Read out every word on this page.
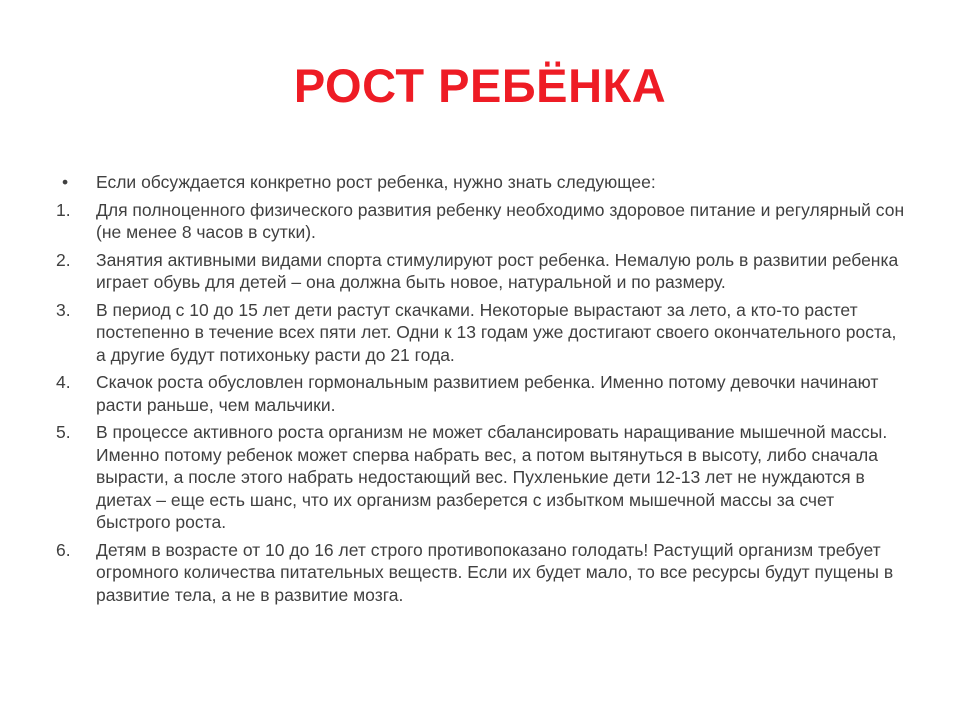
РОСТ РЕБЁНКА
•	Если обсуждается конкретно рост ребенка, нужно знать следующее:
1.	Для полноценного физического развития ребенку необходимо здоровое питание и регулярный сон (не менее 8 часов в сутки).
2.	Занятия активными видами спорта стимулируют рост ребенка. Немалую роль в развитии ребенка играет обувь для детей – она должна быть новое, натуральной и по размеру.
3.	В период с 10 до 15 лет дети растут скачками. Некоторые вырастают за лето, а кто-то растет постепенно в течение всех пяти лет. Одни к 13 годам уже достигают своего окончательного роста, а другие будут потихоньку расти до 21 года.
4.	Скачок роста обусловлен гормональным развитием ребенка. Именно потому девочки начинают расти раньше, чем мальчики.
5.	В процессе активного роста организм не может сбалансировать наращивание мышечной массы. Именно потому ребенок может сперва набрать вес, а потом вытянуться в высоту, либо сначала вырасти, а после этого набрать недостающий вес. Пухленькие дети 12-13 лет не нуждаются в диетах – еще есть шанс, что их организм разберется с избытком мышечной массы за счет быстрого роста.
6.	Детям в возрасте от 10 до 16 лет строго противопоказано голодать! Растущий организм требует огромного количества питательных веществ. Если их будет мало, то все ресурсы будут пущены в развитие тела, а не в развитие мозга.
